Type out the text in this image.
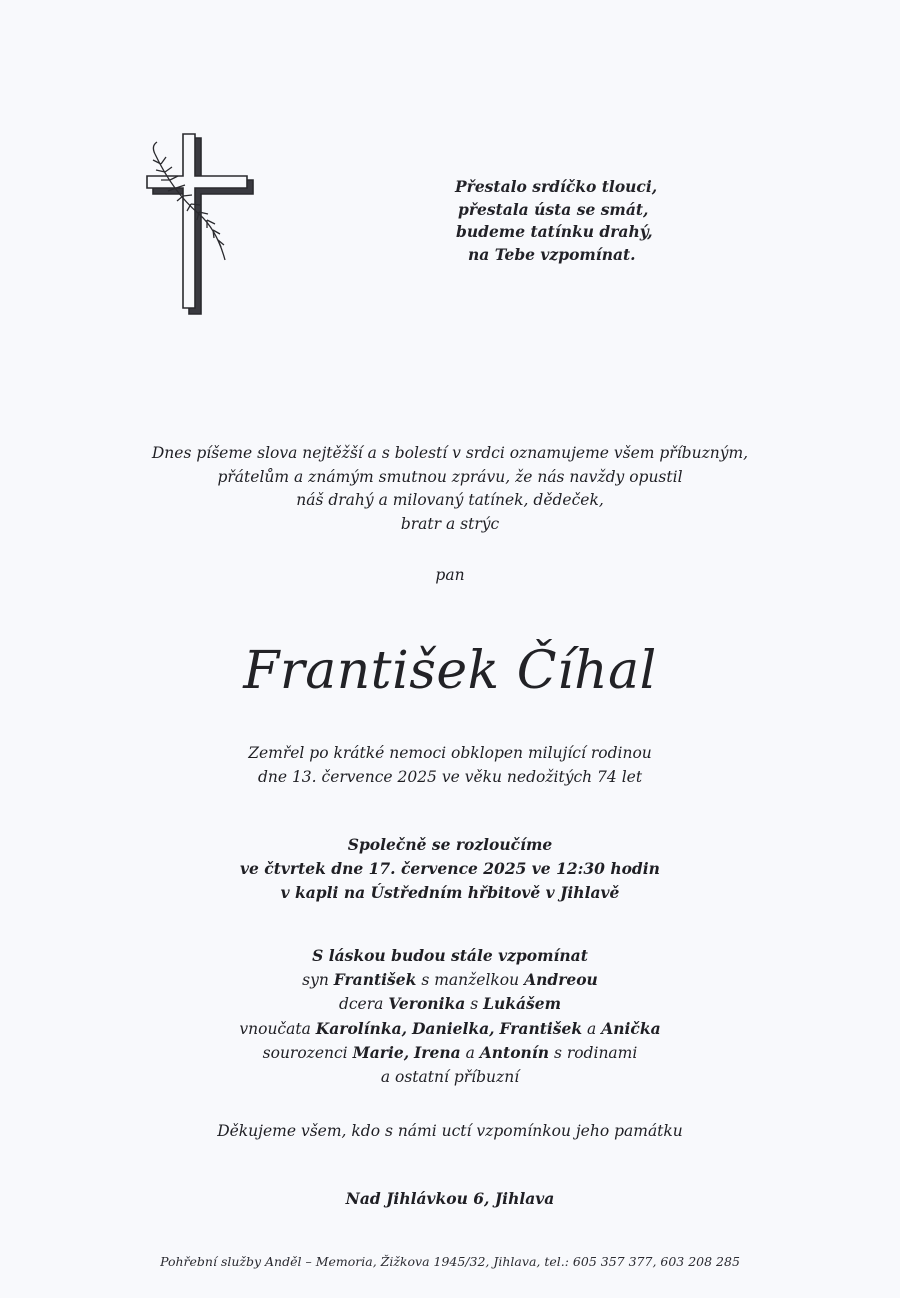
Přestalo srdíčko tlouci,
přestala ústa se smát,
budeme tatínku drahý,
na Tebe vzpomínat.
Dnes píšeme slova nejtěžší a s bolestí v srdci oznamujeme všem příbuzným,
přátelům a známým smutnou zprávu, že nás navždy opustil
náš drahý a milovaný tatínek, dědeček,
bratr a strýc
pan
František Číhal
Zemřel po krátké nemoci obklopen milující rodinou
dne 13. července 2025 ve věku nedožitých 74 let
Společně se rozloučíme
ve čtvrtek dne 17. července 2025 ve 12:30 hodin
v kapli na Ústředním hřbitově v Jihlavě
S láskou budou stále vzpomínat
syn František s manželkou Andreou
dcera Veronika s Lukášem
vnoučata Karolínka, Danielka, František a Anička
sourozenci Marie, Irena a Antonín s rodinami
a ostatní příbuzní
Děkujeme všem, kdo s námi uctí vzpomínkou jeho památku
Nad Jihlávkou 6, Jihlava
Pohřební služby Anděl – Memoria, Žižkova 1945/32, Jihlava, tel.: 605 357 377, 603 208 285
